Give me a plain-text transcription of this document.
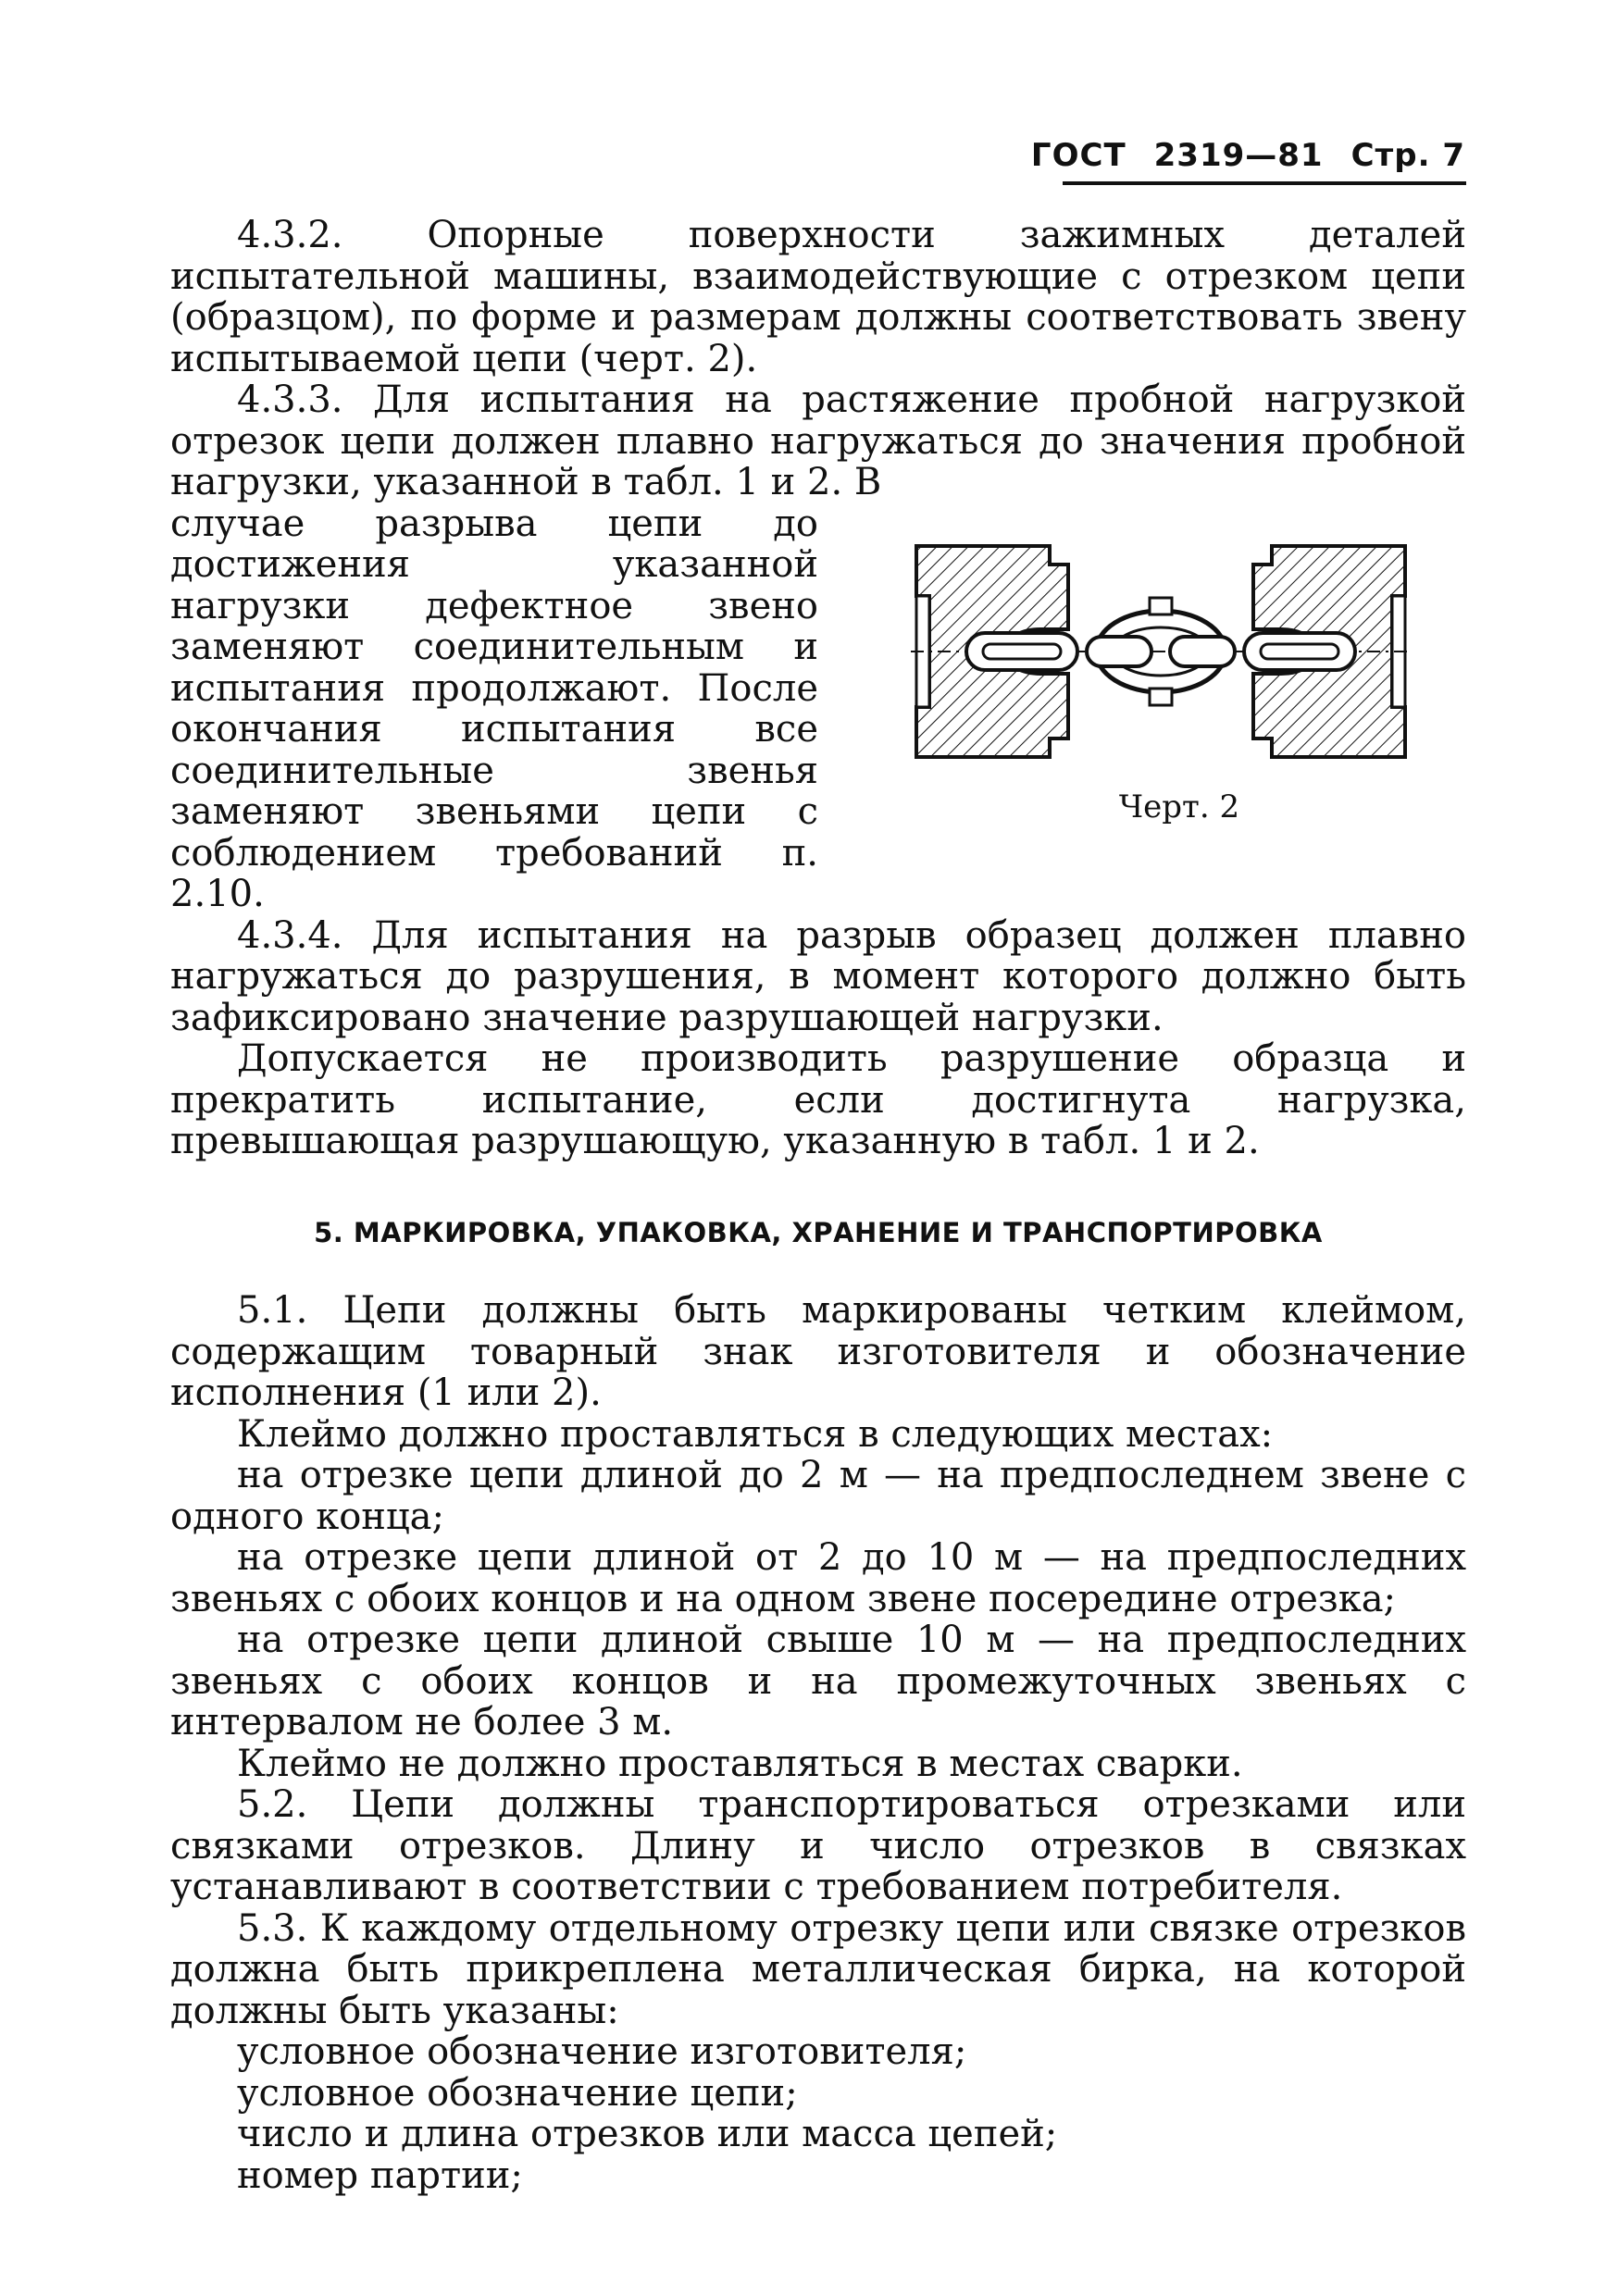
ГОСТ 2319—81 Стр. 7

4.3.2. Опорные поверхности зажимных деталей испытательной машины, взаимодействующие с отрезком цепи (образцом), по форме и размерам должны соответствовать звену испытываемой цепи (черт. 2).

4.3.3. Для испытания на растяжение пробной нагрузкой отрезок цепи должен плавно нагружаться до значения пробной нагрузки, указанной в табл. 1 и 2. В

случае разрыва цепи до достижения указанной нагрузки дефектное звено заменяют соединительным и испытания продолжают. После окончания испытания все соединительные звенья заменяют звеньями цепи с соблюдением требований п. 2.10.

Черт. 2

4.3.4. Для испытания на разрыв образец должен плавно нагружаться до разрушения, в момент которого должно быть зафиксировано значение разрушающей нагрузки.

Допускается не производить разрушение образца и прекратить испытание, если достигнута нагрузка, превышающая разрушающую, указанную в табл. 1 и 2.

5. МАРКИРОВКА, УПАКОВКА, ХРАНЕНИЕ И ТРАНСПОРТИРОВКА

5.1. Цепи должны быть маркированы четким клеймом, содержащим товарный знак изготовителя и обозначение исполнения (1 или 2).

Клеймо должно проставляться в следующих местах:

на отрезке цепи длиной до 2 м — на предпоследнем звене с одного конца;

на отрезке цепи длиной от 2 до 10 м — на предпоследних звеньях с обоих концов и на одном звене посередине отрезка;

на отрезке цепи длиной свыше 10 м — на предпоследних звеньях с обоих концов и на промежуточных звеньях с интервалом не более 3 м.

Клеймо не должно проставляться в местах сварки.

5.2. Цепи должны транспортироваться отрезками или связками отрезков. Длину и число отрезков в связках устанавливают в соответствии с требованием потребителя.

5.3. К каждому отдельному отрезку цепи или связке отрезков должна быть прикреплена металлическая бирка, на которой должны быть указаны:

условное обозначение изготовителя;

условное обозначение цепи;

число и длина отрезков или масса цепей;

номер партии;
